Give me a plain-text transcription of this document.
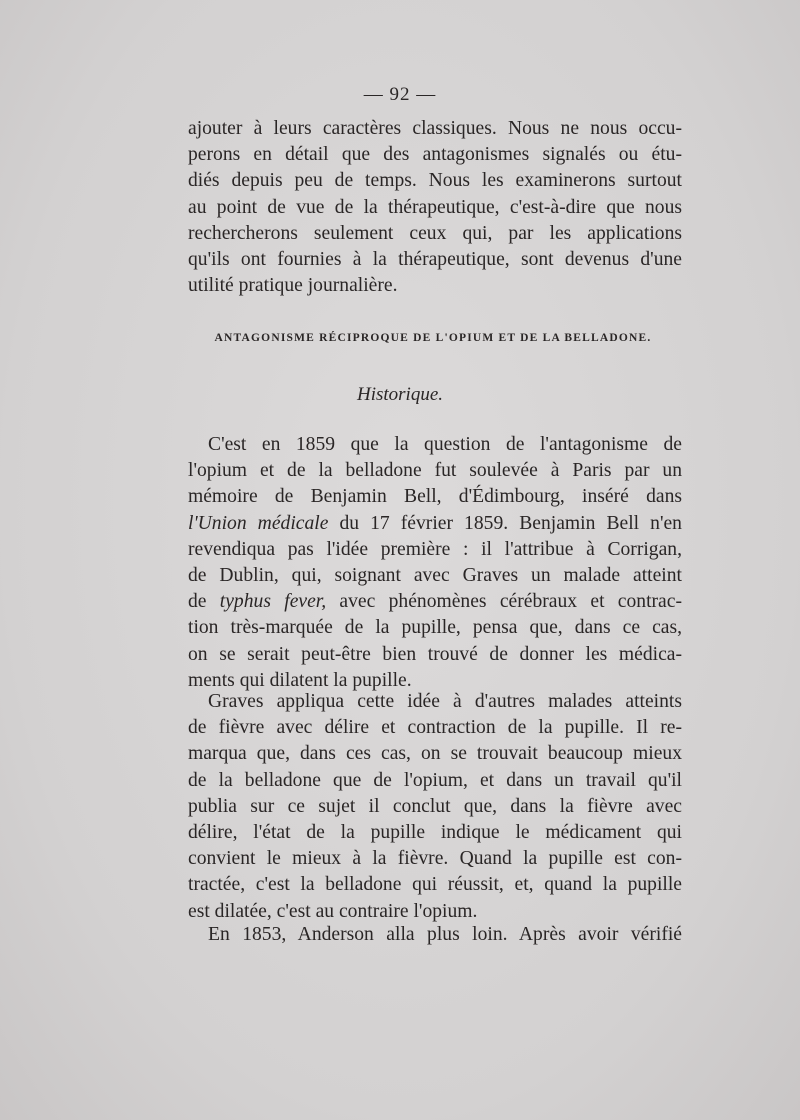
— 92 —
ajouter à leurs caractères classiques. Nous ne nous occu-
perons en détail que des antagonismes signalés ou étu-
diés depuis peu de temps. Nous les examinerons surtout
au point de vue de la thérapeutique, c'est-à-dire que nous
rechercherons seulement ceux qui, par les applications
qu'ils ont fournies à la thérapeutique, sont devenus d'une
utilité pratique journalière.
ANTAGONISME RÉCIPROQUE DE L'OPIUM ET DE LA BELLADONE.
Historique.
C'est en 1859 que la question de l'antagonisme de
l'opium et de la belladone fut soulevée à Paris par un
mémoire de Benjamin Bell, d'Édimbourg, inséré dans
l'Union médicale du 17 février 1859. Benjamin Bell n'en
revendiqua pas l'idée première : il l'attribue à Corrigan,
de Dublin, qui, soignant avec Graves un malade atteint
de typhus fever, avec phénomènes cérébraux et contrac-
tion très-marquée de la pupille, pensa que, dans ce cas,
on se serait peut-être bien trouvé de donner les médica-
ments qui dilatent la pupille.
Graves appliqua cette idée à d'autres malades atteints
de fièvre avec délire et contraction de la pupille. Il re-
marqua que, dans ces cas, on se trouvait beaucoup mieux
de la belladone que de l'opium, et dans un travail qu'il
publia sur ce sujet il conclut que, dans la fièvre avec
délire, l'état de la pupille indique le médicament qui
convient le mieux à la fièvre. Quand la pupille est con-
tractée, c'est la belladone qui réussit, et, quand la pupille
est dilatée, c'est au contraire l'opium.
En 1853, Anderson alla plus loin. Après avoir vérifié
